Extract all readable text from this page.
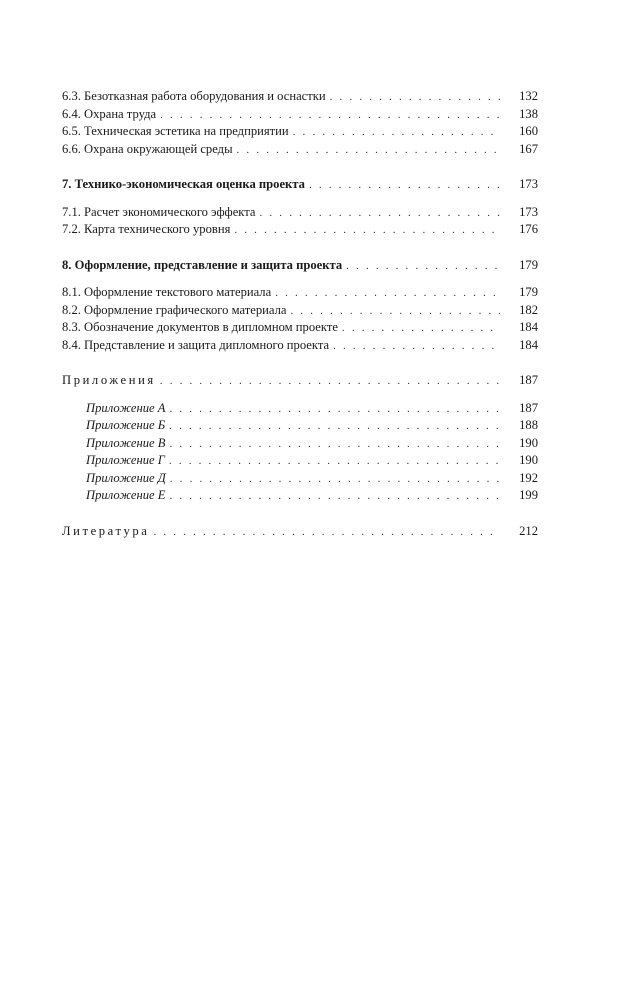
6.3. Безотказная работа оборудования и оснастки . . .	132
6.4. Охрана труда . . .	138
6.5. Техническая эстетика на предприятии . . .	160
6.6. Охрана окружающей среды . . .	167
7. Технико-экономическая оценка проекта . . .	173
7.1. Расчет экономического эффекта . . .	173
7.2. Карта технического уровня . . .	176
8. Оформление, представление и защита проекта . . .	179
8.1. Оформление текстового материала . . .	179
8.2. Оформление графического материала . . .	182
8.3. Обозначение документов в дипломном проекте . . .	184
8.4. Представление и защита дипломного проекта . . .	184
Приложения . . .	187
Приложение А . . .	187
Приложение Б . . .	188
Приложение В . . .	190
Приложение Г . . .	190
Приложение Д . . .	192
Приложение Е . . .	199
Литература . . .	212
